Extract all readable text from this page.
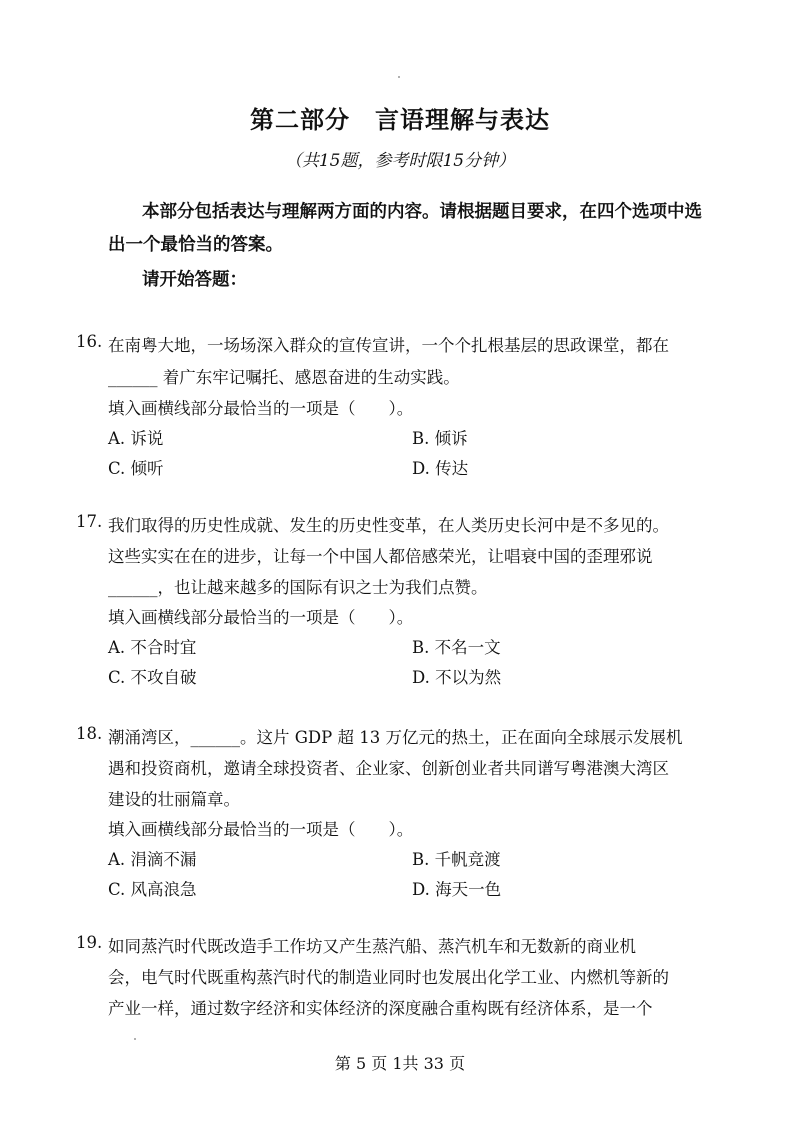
第二部分　言语理解与表达
（共15题，参考时限15分钟）

本部分包括表达与理解两方面的内容。请根据题目要求，在四个选项中选出一个最恰当的答案。

请开始答题：
16. 在南粤大地，一场场深入群众的宣传宣讲，一个个扎根基层的思政课堂，都在
______ 着广东牢记嘱托、感恩奋进的生动实践。
填入画横线部分最恰当的一项是（　　）。
A. 诉说	B. 倾诉
C. 倾听	D. 传达
17. 我们取得的历史性成就、发生的历史性变革，在人类历史长河中是不多见的。
这些实实在在的进步，让每一个中国人都倍感荣光，让唱衰中国的歪理邪说
______，也让越来越多的国际有识之士为我们点赞。
填入画横线部分最恰当的一项是（　　）。
A. 不合时宜	B. 不名一文
C. 不攻自破	D. 不以为然
18. 潮涌湾区，______。这片 GDP 超 13 万亿元的热土，正在面向全球展示发展机
遇和投资商机，邀请全球投资者、企业家、创新创业者共同谱写粤港澳大湾区
建设的壮丽篇章。
填入画横线部分最恰当的一项是（　　）。
A. 涓滴不漏	B. 千帆竞渡
C. 风高浪急	D. 海天一色
19. 如同蒸汽时代既改造手工作坊又产生蒸汽船、蒸汽机车和无数新的商业机
会，电气时代既重构蒸汽时代的制造业同时也发展出化学工业、内燃机等新的
产业一样，通过数字经济和实体经济的深度融合重构既有经济体系，是一个
第 5 页 1共 33 页
